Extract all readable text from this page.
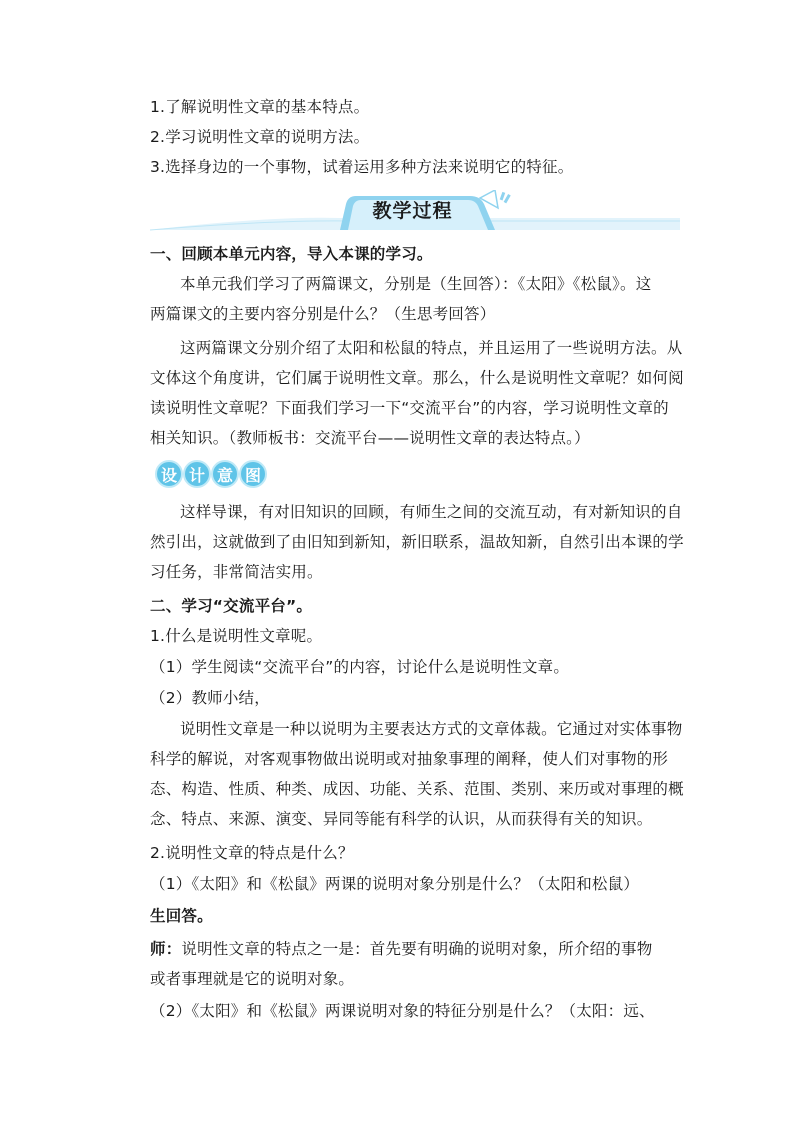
1.了解说明性文章的基本特点。
2.学习说明性文章的说明方法。
3.选择身边的一个事物，试着运用多种方法来说明它的特征。
教学过程
一、回顾本单元内容，导入本课的学习。
本单元我们学习了两篇课文，分别是（生回答）：《太阳》《松鼠》。这
两篇课文的主要内容分别是什么？（生思考回答）
这两篇课文分别介绍了太阳和松鼠的特点，并且运用了一些说明方法。从
文体这个角度讲，它们属于说明性文章。那么，什么是说明性文章呢？如何阅
读说明性文章呢？下面我们学习一下“交流平台”的内容，学习说明性文章的
相关知识。（教师板书：交流平台——说明性文章的表达特点。）
设 计 意 图
这样导课，有对旧知识的回顾，有师生之间的交流互动，有对新知识的自
然引出，这就做到了由旧知到新知，新旧联系，温故知新，自然引出本课的学
习任务，非常简洁实用。
二、学习“交流平台”。
1.什么是说明性文章呢。
（1）学生阅读“交流平台”的内容，讨论什么是说明性文章。
（2）教师小结，
说明性文章是一种以说明为主要表达方式的文章体裁。它通过对实体事物
科学的解说，对客观事物做出说明或对抽象事理的阐释，使人们对事物的形
态、构造、性质、种类、成因、功能、关系、范围、类别、来历或对事理的概
念、特点、来源、演变、异同等能有科学的认识，从而获得有关的知识。
2.说明性文章的特点是什么？
（1）《太阳》和《松鼠》两课的说明对象分别是什么？（太阳和松鼠）
生回答。
师：说明性文章的特点之一是：首先要有明确的说明对象，所介绍的事物
或者事理就是它的说明对象。
（2）《太阳》和《松鼠》两课说明对象的特征分别是什么？（太阳：远、
